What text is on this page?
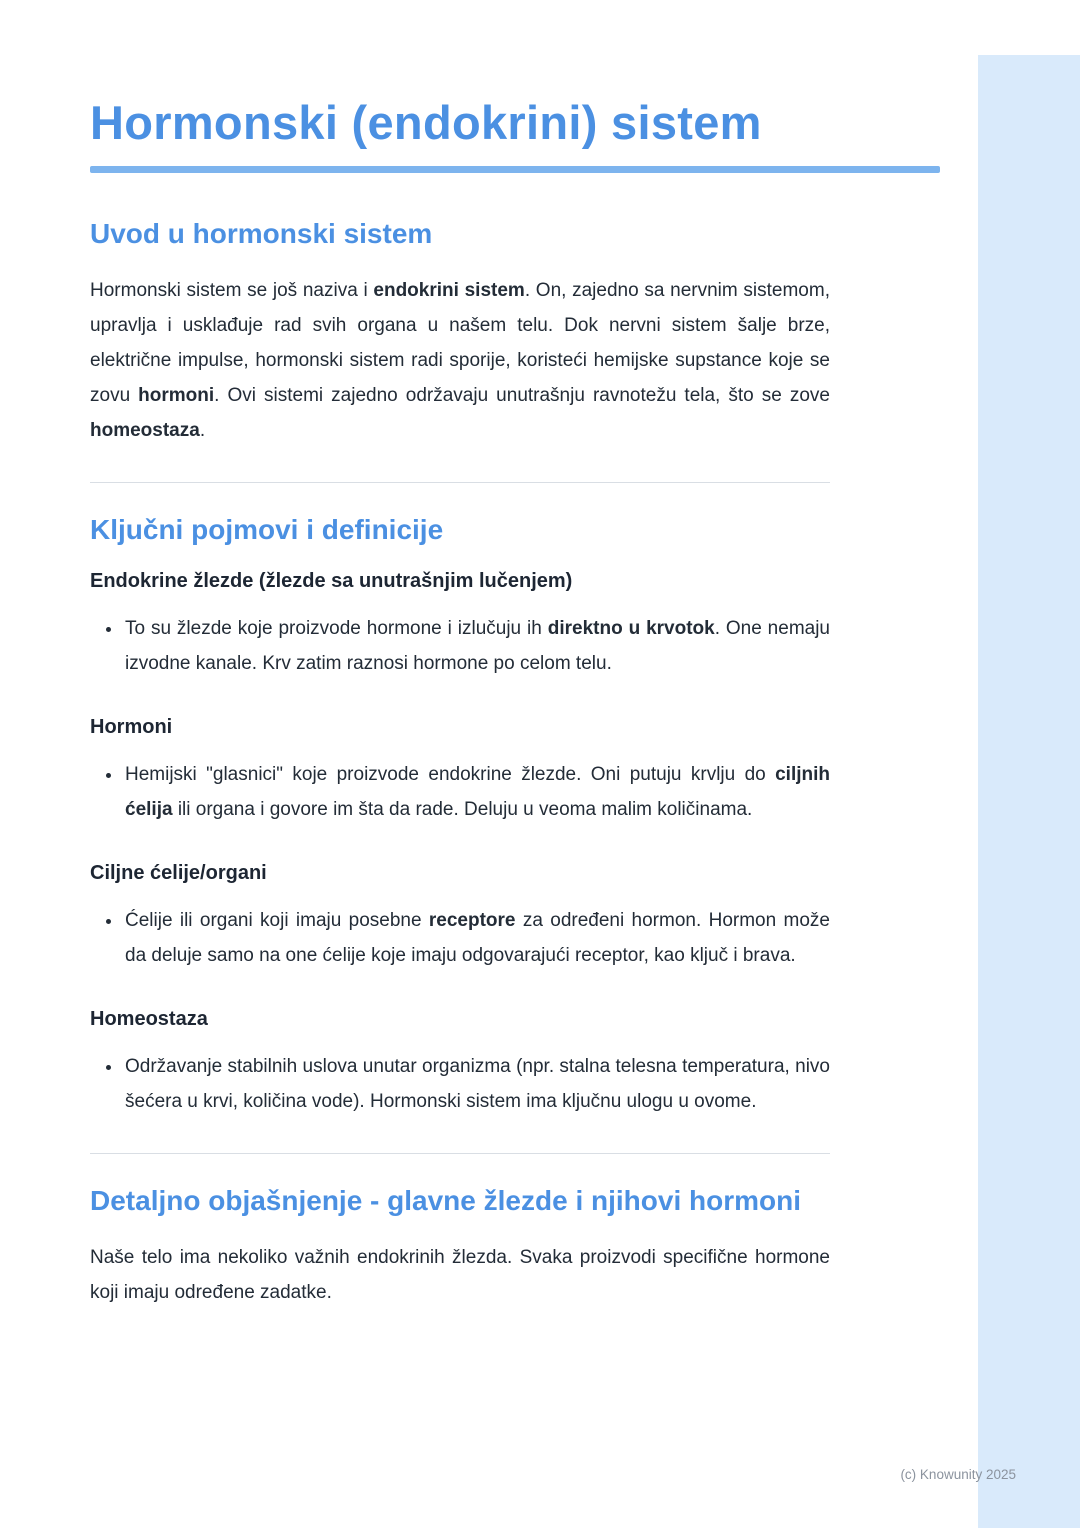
Hormonski (endokrini) sistem
Uvod u hormonski sistem

Hormonski sistem se još naziva i endokrini sistem. On, zajedno sa nervnim sistemom, upravlja i usklađuje rad svih organa u našem telu. Dok nervni sistem šalje brze, električne impulse, hormonski sistem radi sporije, koristeći hemijske supstance koje se zovu hormoni. Ovi sistemi zajedno održavaju unutrašnju ravnotežu tela, što se zove homeostaza.

Ključni pojmovi i definicije
Endokrine žlezde (žlezde sa unutrašnjim lučenjem)
• To su žlezde koje proizvode hormone i izlučuju ih direktno u krvotok. One nemaju izvodne kanale. Krv zatim raznosi hormone po celom telu.
Hormoni
• Hemijski "glasnici" koje proizvode endokrine žlezde. Oni putuju krvlju do ciljnih ćelija ili organa i govore im šta da rade. Deluju u veoma malim količinama.
Ciljne ćelije/organi
• Ćelije ili organi koji imaju posebne receptore za određeni hormon. Hormon može da deluje samo na one ćelije koje imaju odgovarajući receptor, kao ključ i brava.
Homeostaza
• Održavanje stabilnih uslova unutar organizma (npr. stalna telesna temperatura, nivo šećera u krvi, količina vode). Hormonski sistem ima ključnu ulogu u ovome.
Detaljno objašnjenje - glavne žlezde i njihovi hormoni

Naše telo ima nekoliko važnih endokrinih žlezda. Svaka proizvodi specifične hormone koji imaju određene zadatke.

(c) Knowunity 2025
